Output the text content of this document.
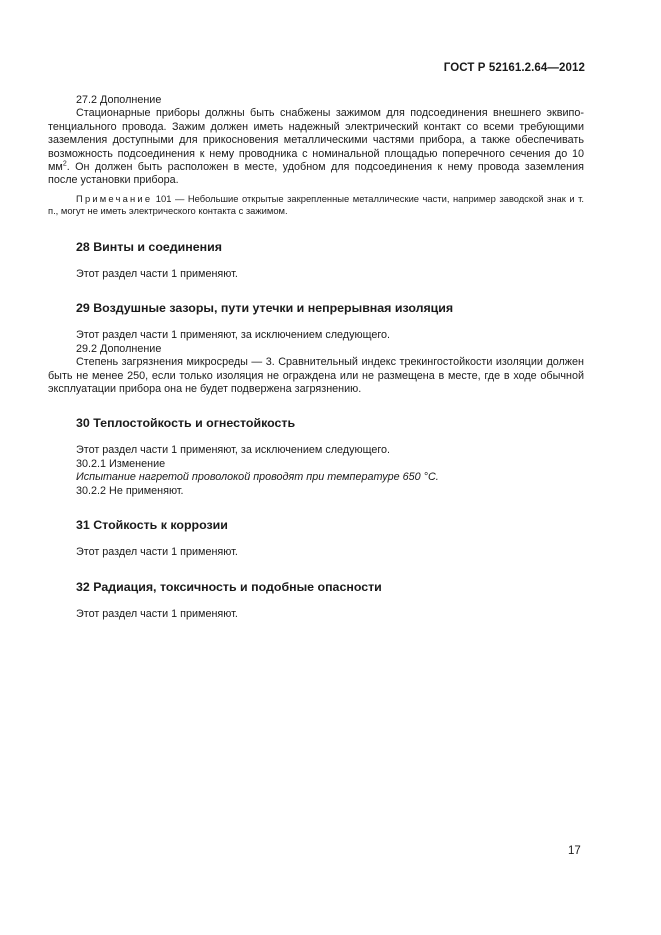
ГОСТ Р 52161.2.64—2012

27.2 Дополнение

Стационарные приборы должны быть снабжены зажимом для подсоединения внешнего эквипотенциального провода. Зажим должен иметь надежный электрический контакт со всеми требующими заземления доступными для прикосновения металлическими частями прибора, а также обеспечивать возможность подсоединения к нему проводника с номинальной площадью поперечного сечения до 10 $мм^2$. Он должен быть расположен в месте, удобном для подсоединения к нему провода заземления после установки прибора.

Примечание 101 — Небольшие открытые закрепленные металлические части, например заводской знак и т. п., могут не иметь электрического контакта с зажимом.

28 Винты и соединения

Этот раздел части 1 применяют.

29 Воздушные зазоры, пути утечки и непрерывная изоляция

Этот раздел части 1 применяют, за исключением следующего.

29.2 Дополнение

Степень загрязнения микросреды — 3. Сравнительный индекс трекингостойкости изоляции должен быть не менее 250, если только изоляция не ограждена или не размещена в месте, где в ходе обычной эксплуатации прибора она не будет подвержена загрязнению.

30 Теплостойкость и огнестойкость

Этот раздел части 1 применяют, за исключением следующего.

30.2.1 Изменение

Испытание нагретой проволокой проводят при температуре 650 °С.

30.2.2 Не применяют.

31 Стойкость к коррозии

Этот раздел части 1 применяют.

32 Радиация, токсичность и подобные опасности

Этот раздел части 1 применяют.

17
